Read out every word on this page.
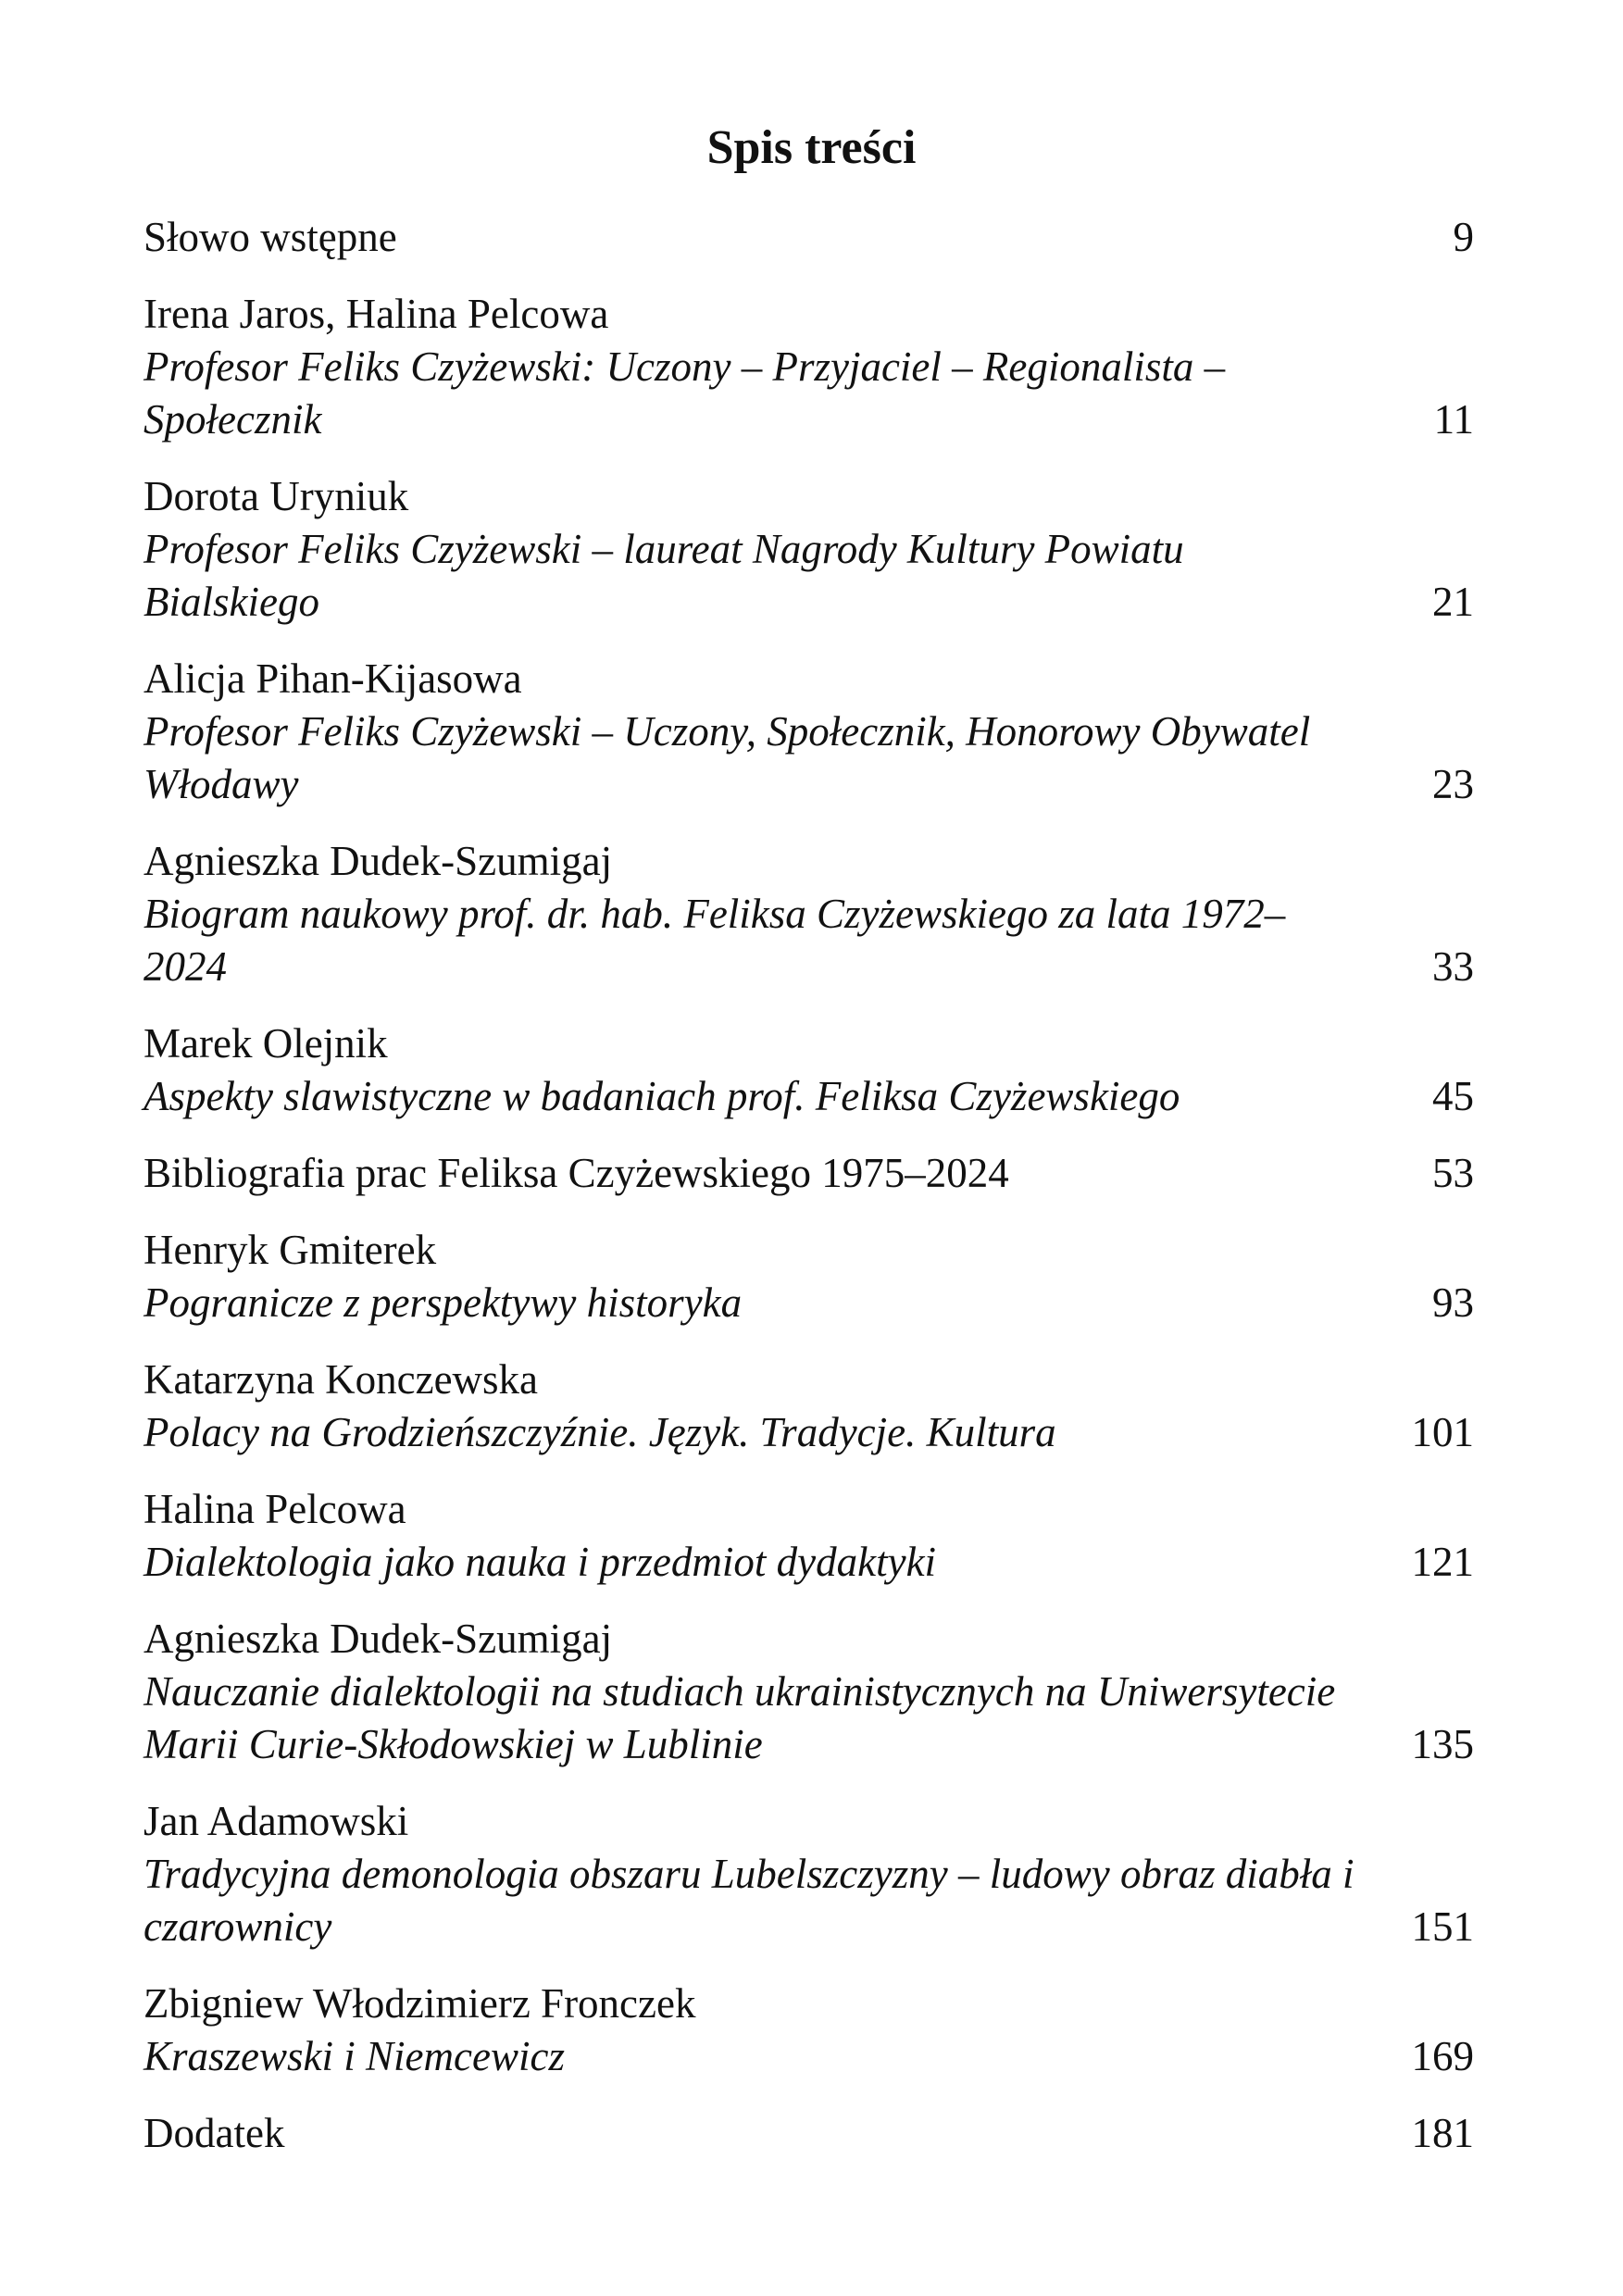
Spis treści
Słowo wstępne	9
Irena Jaros, Halina Pelcowa
Profesor Feliks Czyżewski: Uczony – Przyjaciel – Regionalista – Społecznik	11
Dorota Uryniuk
Profesor Feliks Czyżewski – laureat Nagrody Kultury Powiatu Bialskiego	21
Alicja Pihan-Kijasowa
Profesor Feliks Czyżewski – Uczony, Społecznik, Honorowy Obywatel Włodawy	23
Agnieszka Dudek-Szumigaj
Biogram naukowy prof. dr. hab. Feliksa Czyżewskiego za lata 1972–2024	33
Marek Olejnik
Aspekty slawistyczne w badaniach prof. Feliksa Czyżewskiego	45
Bibliografia prac Feliksa Czyżewskiego 1975–2024	53
Henryk Gmiterek
Pogranicze z perspektywy historyka	93
Katarzyna Konczewska
Polacy na Grodzieńszczyźnie. Język. Tradycje. Kultura	101
Halina Pelcowa
Dialektologia jako nauka i przedmiot dydaktyki	121
Agnieszka Dudek-Szumigaj
Nauczanie dialektologii na studiach ukrainistycznych na Uniwersytecie Marii Curie-Skłodowskiej w Lublinie	135
Jan Adamowski
Tradycyjna demonologia obszaru Lubelszczyzny – ludowy obraz diabła i czarownicy	151
Zbigniew Włodzimierz Fronczek
Kraszewski i Niemcewicz	169
Dodatek	181
